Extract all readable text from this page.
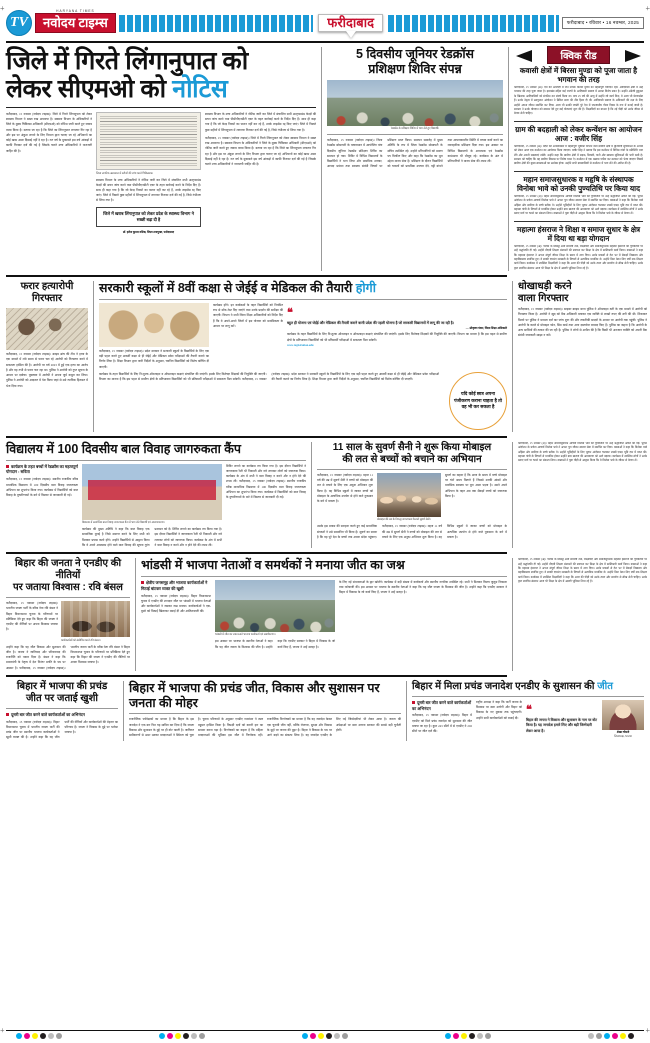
TV
HARYANA TIMES
नवोदय टाइम्स	फरीदाबाद	फरीदाबाद • रविवार • 16 नवम्बर, 2025
जिले में गिरते लिंगानुपात को
लेकर सीएमओ को नोटिस
फरीदाबाद, 15 नवम्बर (नवोदय टाइम्स)। जिले में गिरते लिंगानुपात को लेकर स्वास्थ्य विभाग ने सख्त रुख अपनाया है। स्वास्थ्य विभाग के अधिकारियों ने जिले के मुख्य चिकित्सा अधिकारी (सीएमओ) को नोटिस जारी करते हुए जवाब तलब किया है। बताया जा रहा है कि जिले का लिंगानुपात लगातार गिर रहा है और इस पर अंकुश लगाने के लिए विभाग द्वारा चलाए जा रहे अभियानों का कोई खास असर दिखाई नहीं दे रहा है। गत वर्ष के मुकाबले इस वर्ष आंकड़ों में काफी गिरावट दर्ज की गई है जिसके चलते उच्च अधिकारियों ने नाराजगी जाहिर की है।
जिला नागरिक अस्पताल में मरीजों की जांच करते चिकित्सक।
स्वास्थ्य विभाग के उच्च अधिकारियों ने नोटिस जारी कर जिले में संचालित सभी अल्ट्रासाउंड केन्द्रों की सघन जांच करने तथा पीसीपीएनडीटी एक्ट के तहत कार्रवाई करने के निर्देश दिए हैं। साथ ही कहा गया है कि जो केन्द्र नियमों का पालन नहीं कर रहे हैं, उनके लाइसेंस रद्द किए जाएं। जिले में पिछले कुछ महीनों में लिंगानुपात में लगातार गिरावट दर्ज की गई है, जिसे गंभीरता से लिया गया है।
जिले में खराब लिंगानुपात को लेकर प्रदेश के स्वास्थ्य विभाग ने सख्ती बढ़ा दी है
डॉ. हरीश कुमार वशिष्ठ, जिला उपायुक्त, फरीदाबाद
स्वास्थ्य विभाग के उच्च अधिकारियों ने नोटिस जारी कर जिले में संचालित सभी अल्ट्रासाउंड केन्द्रों की सघन जांच करने तथा पीसीपीएनडीटी एक्ट के तहत कार्रवाई करने के निर्देश दिए हैं। साथ ही कहा गया है कि जो केन्द्र नियमों का पालन नहीं कर रहे हैं, उनके लाइसेंस रद्द किए जाएं। जिले में पिछले कुछ महीनों में लिंगानुपात में लगातार गिरावट दर्ज की गई है, जिसे गंभीरता से लिया गया है।
फरीदाबाद, 15 नवम्बर (नवोदय टाइम्स)। जिले में गिरते लिंगानुपात को लेकर स्वास्थ्य विभाग ने सख्त रुख अपनाया है। स्वास्थ्य विभाग के अधिकारियों ने जिले के मुख्य चिकित्सा अधिकारी (सीएमओ) को नोटिस जारी करते हुए जवाब तलब किया है। बताया जा रहा है कि जिले का लिंगानुपात लगातार गिर रहा है और इस पर अंकुश लगाने के लिए विभाग द्वारा चलाए जा रहे अभियानों का कोई खास असर दिखाई नहीं दे रहा है। गत वर्ष के मुकाबले इस वर्ष आंकड़ों में काफी गिरावट दर्ज की गई है जिसके चलते उच्च अधिकारियों ने नाराजगी जाहिर की है।
5 दिवसीय जूनियर रेडक्रॉस
प्रशिक्षण शिविर संपन्न
रेडक्रॉस के प्रशिक्षण शिविर में भाग लेते हुए विद्यार्थी।
फरीदाबाद, 15 नवम्बर (नवोदय टाइम्स)। जिला रेडक्रॉस सोसायटी के तत्वावधान में आयोजित पांच दिवसीय जूनियर रेडक्रॉस प्रशिक्षण शिविर का समापन हो गया। शिविर में विभिन्न विद्यालयों के विद्यार्थियों ने भाग लिया और प्राथमिक उपचार, आपदा प्रबंधन तथा स्वास्थ्य संबंधी विषयों पर प्रशिक्षण प्राप्त किया। समापन समारोह में मुख्य अतिथि के रूप में जिला रेडक्रॉस सोसायटी के सचिव उपस्थित रहे। उन्होंने प्रतिभागियों को प्रमाण पत्र वितरित किए और कहा कि रेडक्रॉस का मूल उद्देश्य मानव सेवा है। प्रशिक्षण के दौरान विद्यार्थियों को घायलों को प्राथमिक उपचार देने, पट्टी बांधने तथा आपातकालीन स्थिति में बचाव कार्य करने का व्यावहारिक प्रशिक्षण दिया गया। इस अवसर पर विभिन्न विद्यालयों के अध्यापक एवं रेडक्रॉस काउंसलर भी मौजूद रहे। कार्यक्रम के अंत में प्रतिभागियों ने मानव सेवा की शपथ ली।
क्विक रीड
कवासी क्षेत्रों में बिरसा मुण्डा को पूजा जाता है भगवान की तरह
फरीदाबाद, 15 नवम्बर (अ)। देश की आजादी में जन नायक बिरसा मुण्डा का महत्वपूर्ण योगदान रहा। आदिवासी क्षेत्रों में उन्हें भगवान की तरह पूजा जाता है। झारखंड सहित कई राज्यों के आदिवासी समाज में उनका विशेष स्थान है। उन्होंने अंग्रेजी हुकूमत के खिलाफ आदिवासियों को संगठित कर संघर्ष किया था। मात्र 25 वर्ष की आयु में उन्होंने जो कार्य किए, वे आज भी प्रेरणास्रोत हैं। उनके नेतृत्व में उलगुलान आंदोलन ने ब्रिटिश सत्ता की नींव हिला दी थी। आदिवासी समाज के अधिकारों की रक्षा के लिए उन्होंने अपना जीवन समर्पित कर दिया। आज भी उनकी जयंती पूरे देश में जनजातीय गौरव दिवस के रूप में मनाई जाती है। सरकार ने उनके योगदान को सम्मान देते हुए कई योजनाएं शुरू की हैं। शिक्षाविदों का मानना है कि नई पीढ़ी को उनके जीवन से प्रेरणा लेनी चाहिए।
ग्राम की बदहाली को लेकर कन्वेंशन का आयोजन आज : वजीर सिंह
फरीदाबाद, 15 नवम्बर (अ)। प्रदेश की अर्थव्यवस्था में महत्वपूर्ण भूमिका निभाने वाले ग्रामीण क्षेत्रों में बुनियादी सुविधाओं के अभाव को लेकर आज एक कन्वेंशन का आयोजन किया जाएगा। वजीर सिंह ने बताया कि इस कन्वेंशन में विभिन्न गांवों के प्रतिनिधि भाग लेंगे और अपनी समस्याएं रखेंगे। उन्होंने कहा कि ग्रामीण क्षेत्रों में सड़क, बिजली, पानी और स्वास्थ्य सुविधाओं की भारी कमी है। सरकार को चाहिए कि वह ग्रामीण विकास पर विशेष ध्यान दे। कन्वेंशन में एक प्रस्ताव पारित कर सरकार को भेजा जाएगा जिसमें ग्रामीण क्षेत्रों की मुख्य समस्याओं का उल्लेख होगा। उन्होंने सभी ग्रामवासियों से कन्वेंशन में भाग लेने की अपील की है।
महान समाजसुधारक व महृषि के संस्थापक विनोबा भावे को उनकी पुण्यतिथि पर किया याद
फरीदाबाद, 15 नवम्बर (अ)। महान समाजसुधारक आचार्य विनोबा भावे की पुण्यतिथि पर उन्हें श्रद्धांजलि अर्पित की गई। भूदान आंदोलन के प्रणेता आचार्य विनोबा भावे ने अपना पूरा जीवन समाज सेवा में समर्पित कर दिया। वक्ताओं ने कहा कि विनोबा भावे अहिंसा और सर्वोदय के सच्चे प्रतीक थे। उन्होंने भूमिहीनों के लिए भूदान आंदोलन चलाकर लाखों एकड़ भूमि दान में प्राप्त की। महात्मा गांधी के विचारों से प्रभावित होकर उन्होंने ग्राम स्वराज की अवधारणा को आगे बढ़ाया। कार्यक्रम में उपस्थित लोगों ने उनके बताए मार्ग पर चलने का संकल्प लिया। वक्ताओं ने युवा पीढ़ी से आह्वान किया कि वे विनोबा भावे के जीवन से प्रेरणा लें।
महात्मा हंसराज ने शिक्षा व समाज सुधार के क्षेत्र में दिया था बड़ा योगदान
फरीदाबाद, 15 नवम्बर (अ)। पंजाब के प्रसिद्ध आर्य समाजी नेता, शिक्षाविद और समाजसुधारक महात्मा हंसराज की पुण्यतिथि पर उन्हें श्रद्धांजलि दी गई। उन्होंने डीएवी शिक्षण संस्थानों की स्थापना कर शिक्षा के क्षेत्र में क्रांतिकारी कार्य किया। वक्ताओं ने कहा कि महात्मा हंसराज ने अपना संपूर्ण जीवन शिक्षा के प्रसार में लगा दिया। उनके प्रयासों से देश भर में सैकड़ों विद्यालय और महाविद्यालय स्थापित हुए। वे स्वामी दयानंद सरस्वती के विचारों से अत्यधिक प्रभावित थे। उन्होंने बिना वेतन लिए वर्षों तक शिक्षण कार्य किया। कार्यक्रम में उपस्थित शिक्षाविदों ने कहा कि आज की पीढ़ी को उनके त्याग और समर्पण से सीख लेनी चाहिए। उनके द्वारा स्थापित संस्थान आज भी शिक्षा के क्षेत्र में अग्रणी भूमिका निभा रहे हैं।
फरार हत्यारोपी
गिरफ्तार
फरीदाबाद, 15 नवम्बर (नवोदय टाइम्स)। क्राइम ब्रांच की टीम ने हत्या के एक मामले में लंबे समय से फरार चल रहे आरोपी को गिरफ्तार करने में सफलता हासिल की है। आरोपी पर वर्ष 2023 में हुई एक हत्या का आरोप है और वह तभी से फरार चल रहा था। पुलिस ने आरोपी को गुप्त सूचना के आधार पर दबोचा। पूछताछ में आरोपी ने अपना जुर्म कबूल कर लिया। पुलिस ने आरोपी को अदालत में पेश किया जहां से उसे न्यायिक हिरासत में भेज दिया गया।
सरकारी स्कूलों में 8वीं कक्षा से जेईई व मेडिकल की तैयारी होगी
फरीदाबाद, 15 नवम्बर (नवोदय टाइम्स)। प्रदेश सरकार ने सरकारी स्कूलों के विद्यार्थियों के लिए एक बड़ी पहल करते हुए आठवीं कक्षा से ही जेईई और मेडिकल प्रवेश परीक्षाओं की तैयारी कराने का निर्णय लिया है। शिक्षा विभाग द्वारा जारी निर्देशों के अनुसार, चयनित विद्यार्थियों को विशेष कोचिंग दी जाएगी।
कार्यक्रम होंगे। इन कार्यक्रमों के तहत विद्यार्थियों को नियमित रूप से मॉक टेस्ट दिए जाएंगे तथा उनके प्रदर्शन की समीक्षा की जाएगी। विभाग ने सभी जिला शिक्षा अधिकारियों को निर्देश दिए हैं कि वे अपने-अपने जिलों में इस योजना को प्राथमिकता के आधार पर लागू करें।
❝
बहुत ही योजना एवं जेईई और मेडिकल की तैयारी कराने वाली प्रदेश की पहली योजना है जो सरकारी विद्यालयों में लागू की जा रही है।
— श्रीकृष्ण पंवार, जिला शिक्षा अधिकारी
कार्यक्रम के तहत विद्यार्थियों के लिए नि:शुल्क ऑनलाइन व ऑफलाइन कक्षाएं संचालित की जाएंगी। इसके लिए विशेषज्ञ शिक्षकों की नियुक्ति की जाएगी। विभाग का मानना है कि इस पहल से ग्रामीण क्षेत्रों के प्रतिभावान विद्यार्थियों को भी प्रतिस्पर्धी परीक्षाओं में सफलता मिल सकेगी।
www.registration.edu
कार्यक्रम के तहत विद्यार्थियों के लिए नि:शुल्क ऑनलाइन व ऑफलाइन कक्षाएं संचालित की जाएंगी। इसके लिए विशेषज्ञ शिक्षकों की नियुक्ति की जाएगी। विभाग का मानना है कि इस पहल से ग्रामीण क्षेत्रों के प्रतिभावान विद्यार्थियों को भी प्रतिस्पर्धी परीक्षाओं में सफलता मिल सकेगी। फरीदाबाद, 15 नवम्बर (नवोदय टाइम्स)। प्रदेश सरकार ने सरकारी स्कूलों के विद्यार्थियों के लिए एक बड़ी पहल करते हुए आठवीं कक्षा से ही जेईई और मेडिकल प्रवेश परीक्षाओं की तैयारी कराने का निर्णय लिया है। शिक्षा विभाग द्वारा जारी निर्देशों के अनुसार, चयनित विद्यार्थियों को विशेष कोचिंग दी जाएगी।
यदि कोई छात्र अपना पंजीकरण कराना चाहता है तो वह भी कर सकता है
धोखाधड़ी करने
वाला गिरफ्तार
फरीदाबाद, 15 नवम्बर (नवोदय टाइम्स)। साइबर क्राइम थाना पुलिस ने ऑनलाइन ठगी के एक मामले में आरोपी को गिरफ्तार किया है। आरोपी ने खुद को बैंक अधिकारी बताकर एक व्यक्ति से लाखों रुपए की ठगी की थी। शिकायत मिलने पर पुलिस ने मामला दर्ज कर जांच शुरू की और तकनीकी साक्ष्यों के आधार पर आरोपी तक पहुंची। पुलिस ने आरोपी के कब्जे से मोबाइल फोन, सिम कार्ड तथा अन्य दस्तावेज बरामद किए हैं। पुलिस का कहना है कि आरोपी के अन्य साथियों की तलाश की जा रही है। पुलिस ने लोगों से अपील की है कि किसी भी अनजान व्यक्ति को अपनी बैंक संबंधी जानकारी साझा न करें।
विद्यालय में 100 दिवसीय बाल विवाह जागरुकता कैंप
कार्यक्रम के तहत बच्चों में रेडक्रॉस का महत्वपूर्ण योगदान : सविता
फरीदाबाद, 15 नवम्बर (नवोदय टाइम्स)। स्थानीय राजकीय वरिष्ठ माध्यमिक विद्यालय में 100 दिवसीय बाल विवाह जागरुकता अभियान का शुभारंभ किया गया। कार्यक्रम में विद्यार्थियों को बाल विवाह के दुष्परिणामों के बारे में विस्तार से जानकारी दी गई।
विद्यालय में आयोजित बाल विवाह जागरुकता कैंप में भाग लेते विद्यार्थी एवं अध्यापकगण।
कार्यक्रम की मुख्य अतिथि ने कहा कि बाल विवाह एक सामाजिक बुराई है जिसे समाप्त करने के लिए सभी को मिलकर प्रयास करने होंगे। उन्होंने विद्यार्थियों से आह्वान किया कि वे अपने आसपास होने वाले बाल विवाह की सूचना तुरंत प्रशासन को दें। शिविर लगाने का कार्यक्रम तय किया गया है। इस दौरान विद्यार्थियों ने जागरुकता रैली भी निकाली और नारे लगाकर लोगों को जागरूक किया। कार्यक्रम के अंत में सभी ने बाल विवाह न करने और न होने देने की शपथ ली।
शिविर लगाने का कार्यक्रम तय किया गया है। इस दौरान विद्यार्थियों ने जागरुकता रैली भी निकाली और नारे लगाकर लोगों को जागरूक किया। कार्यक्रम के अंत में सभी ने बाल विवाह न करने और न होने देने की शपथ ली। फरीदाबाद, 15 नवम्बर (नवोदय टाइम्स)। स्थानीय राजकीय वरिष्ठ माध्यमिक विद्यालय में 100 दिवसीय बाल विवाह जागरुकता अभियान का शुभारंभ किया गया। कार्यक्रम में विद्यार्थियों को बाल विवाह के दुष्परिणामों के बारे में विस्तार से जानकारी दी गई।
11 साल के सुवर्ण सैनी ने शुरू किया मोबाइल
की लत से बच्चों को बचाने का अभियान
फरीदाबाद, 15 नवम्बर (नवोदय टाइम्स)। महज 11 वर्ष की उम्र में सुवर्ण सैनी ने बच्चों को मोबाइल की लत से बचाने के लिए एक अनूठा अभियान शुरू किया है। वह विभिन्न स्कूलों में जाकर बच्चों को मोबाइल के अत्यधिक उपयोग से होने वाले नुकसान के बारे में बताता है।
मोबाइल की लत के विरुद्ध जागरुकता फैलाते सुवर्ण सैनी।
सुवर्ण का कहना है कि आज के समय में बच्चे मोबाइल पर घंटों समय बिताते हैं जिससे उनकी आंखों और मानसिक स्वास्थ्य पर बुरा असर पड़ता है। उसने अपने अभियान के तहत अब तक सैकड़ों बच्चों को जागरूक किया है।
उसके इस प्रयास की सराहना करते हुए कई सामाजिक संगठनों ने उसे सम्मानित भी किया है। सुवर्ण का सपना है कि वह पूरे देश के बच्चों तक अपना संदेश पहुंचाए। फरीदाबाद, 15 नवम्बर (नवोदय टाइम्स)। महज 11 वर्ष की उम्र में सुवर्ण सैनी ने बच्चों को मोबाइल की लत से बचाने के लिए एक अनूठा अभियान शुरू किया है। वह विभिन्न स्कूलों में जाकर बच्चों को मोबाइल के अत्यधिक उपयोग से होने वाले नुकसान के बारे में बताता है।
फरीदाबाद, 15 नवम्बर (अ)। महान समाजसुधारक आचार्य विनोबा भावे की पुण्यतिथि पर उन्हें श्रद्धांजलि अर्पित की गई। भूदान आंदोलन के प्रणेता आचार्य विनोबा भावे ने अपना पूरा जीवन समाज सेवा में समर्पित कर दिया। वक्ताओं ने कहा कि विनोबा भावे अहिंसा और सर्वोदय के सच्चे प्रतीक थे। उन्होंने भूमिहीनों के लिए भूदान आंदोलन चलाकर लाखों एकड़ भूमि दान में प्राप्त की। महात्मा गांधी के विचारों से प्रभावित होकर उन्होंने ग्राम स्वराज की अवधारणा को आगे बढ़ाया। कार्यक्रम में उपस्थित लोगों ने उनके बताए मार्ग पर चलने का संकल्प लिया। वक्ताओं ने युवा पीढ़ी से आह्वान किया कि वे विनोबा भावे के जीवन से प्रेरणा लें।
बिहार की जनता ने एनडीए की नीतियों
पर जताया विश्वास : रवि बंसल
फरीदाबाद, 15 नवम्बर (नवोदय टाइम्स)। भारतीय जनता पार्टी के वरिष्ठ नेता रवि बंसल ने बिहार विधानसभा चुनाव के परिणामों पर प्रतिक्रिया देते हुए कहा कि बिहार की जनता ने एनडीए की नीतियों पर अपना विश्वास जताया है।
कार्यकर्ताओं को संबोधित करते रवि बंसल।
उन्होंने कहा कि यह जीत विकास और सुशासन की जीत है। जनता ने जातिवाद और परिवारवाद की राजनीति को नकार दिया है। बंसल ने कहा कि प्रधानमंत्री के नेतृत्व में देश निरंतर प्रगति के पथ पर अग्रसर है। फरीदाबाद, 15 नवम्बर (नवोदय टाइम्स)। भारतीय जनता पार्टी के वरिष्ठ नेता रवि बंसल ने बिहार विधानसभा चुनाव के परिणामों पर प्रतिक्रिया देते हुए कहा कि बिहार की जनता ने एनडीए की नीतियों पर अपना विश्वास जताया है।
भांडसी में भाजपा नेताओं व समर्थकों ने मनाया जीत का जश्न
क्षेत्रीय जनसमूह और भाजपा कार्यकर्ताओं ने मिठाई बांटकर व्यक्त की खुशी
फरीदाबाद, 15 नवम्बर (नवोदय टाइम्स)। बिहार विधानसभा चुनाव में एनडीए की शानदार जीत पर भांडसी में भाजपा नेताओं और कार्यकर्ताओं ने जमकर जश्न मनाया। कार्यकर्ताओं ने एक-दूसरे को मिठाई खिलाकर बधाई दी और आतिशबाजी की।
भांडसी में जीत का जश्न मनाते भाजपा कार्यकर्ता एवं समर्थकगण।
इस अवसर पर भाजपा के स्थानीय नेताओं ने कहा कि यह जीत जनता के विश्वास की जीत है। उन्होंने कहा कि एनडीए सरकार ने बिहार में विकास के जो कार्य किए हैं, जनता ने उन्हें सराहा है।
के लिए नई संभावनाओं के द्वार खोलेंगे। कार्यक्रम में बड़ी संख्या में कार्यकर्ता और स्थानीय नागरिक उपस्थित रहे। सभी ने मिलकर विजय जुलूस निकाला तथा नारेबाजी की। इस अवसर पर भाजपा के स्थानीय नेताओं ने कहा कि यह जीत जनता के विश्वास की जीत है। उन्होंने कहा कि एनडीए सरकार ने बिहार में विकास के जो कार्य किए हैं, जनता ने उन्हें सराहा है।
फरीदाबाद, 15 नवम्बर (अ)। पंजाब के प्रसिद्ध आर्य समाजी नेता, शिक्षाविद और समाजसुधारक महात्मा हंसराज की पुण्यतिथि पर उन्हें श्रद्धांजलि दी गई। उन्होंने डीएवी शिक्षण संस्थानों की स्थापना कर शिक्षा के क्षेत्र में क्रांतिकारी कार्य किया। वक्ताओं ने कहा कि महात्मा हंसराज ने अपना संपूर्ण जीवन शिक्षा के प्रसार में लगा दिया। उनके प्रयासों से देश भर में सैकड़ों विद्यालय और महाविद्यालय स्थापित हुए। वे स्वामी दयानंद सरस्वती के विचारों से अत्यधिक प्रभावित थे। उन्होंने बिना वेतन लिए वर्षों तक शिक्षण कार्य किया। कार्यक्रम में उपस्थित शिक्षाविदों ने कहा कि आज की पीढ़ी को उनके त्याग और समर्पण से सीख लेनी चाहिए। उनके द्वारा स्थापित संस्थान आज भी शिक्षा के क्षेत्र में अग्रणी भूमिका निभा रहे हैं।
बिहार में भाजपा की प्रचंड
जीत पर जताई खुशी
दूसरी बार जीत करने वाले कार्यकर्ताओं का अभिनंदन
फरीदाबाद, 15 नवम्बर (नवोदय टाइम्स)। बिहार विधानसभा चुनाव में भारतीय जनता पार्टी की प्रचंड जीत पर स्थानीय भाजपा कार्यकर्ताओं ने खुशी व्यक्त की है। उन्होंने कहा कि यह जीत पार्टी की नीतियों और कार्यकर्ताओं की मेहनत का परिणाम है। जनता ने विकास के मुद्दे पर भरोसा जताया है।
बिहार में भाजपा की प्रचंड जीत, विकास और सुशासन पर जनता की मोहर
राजनीतिक पर्यवेक्षकों का मानना है कि बिहार के इस जनादेश ने एक बार फिर यह साबित कर दिया है कि जनता विकास और सुशासन के मुद्दे पर ही वोट करती है। जातिगत समीकरणों से ऊपर उठकर मतदाताओं ने स्थिरता को चुना है। चुनाव परिणामों के अनुसार एनडीए गठबंधन ने स्पष्ट बहुमत हासिल किया है। विपक्षी दलों को करारी हार का सामना करना पड़ा है। विश्लेषकों का कहना है कि महिला मतदाताओं की भूमिका इस जीत में निर्णायक रही। राजनीतिक विश्लेषकों का मानना है कि यह जनादेश केवल एक चुनावी जीत नहीं, बल्कि रोजगार, सुरक्षा और विकास के मुद्दों पर जनता की मुहर है। बिहार ने विकास के पथ पर आगे बढ़ने का संकल्प लिया है। यह जनादेश एनडीए के लिए नई जिम्मेदारियां भी लेकर आया है। जनता की अपेक्षाओं पर खरा उतरना सरकार की सबसे बड़ी चुनौती होगी।
बिहार में मिला प्रचंड जनादेश एनडीए के सुशासन की जीत
दूसरी बार जीत करने वाले कार्यकर्ताओं का अभिनंदन
फरीदाबाद, 15 नवम्बर (नवोदय टाइम्स)। बिहार में एनडीए को मिले प्रचंड जनादेश को सुशासन की जीत बताया जा रहा है। कुल 243 सीटों में से एनडीए ने 202 सीटों पर जीत दर्ज की।
राष्ट्रीय अध्यक्ष ने कहा कि पार्टी जनता के विश्वास पर खरा उतरेगी और बिहार को विकास के नए मुकाम तक पहुंचाएगी। उन्होंने सभी कार्यकर्ताओं को बधाई दी।
❝
बिहार की जनता ने विकास और सुशासन के नाम पर वोट किया है। यह जनादेश हमारे लिए और बड़ी जिम्मेदारी लेकर आया है।	शेखर चौधरी
जिलाध्यक्ष, भाजपा
+	+
+	+
